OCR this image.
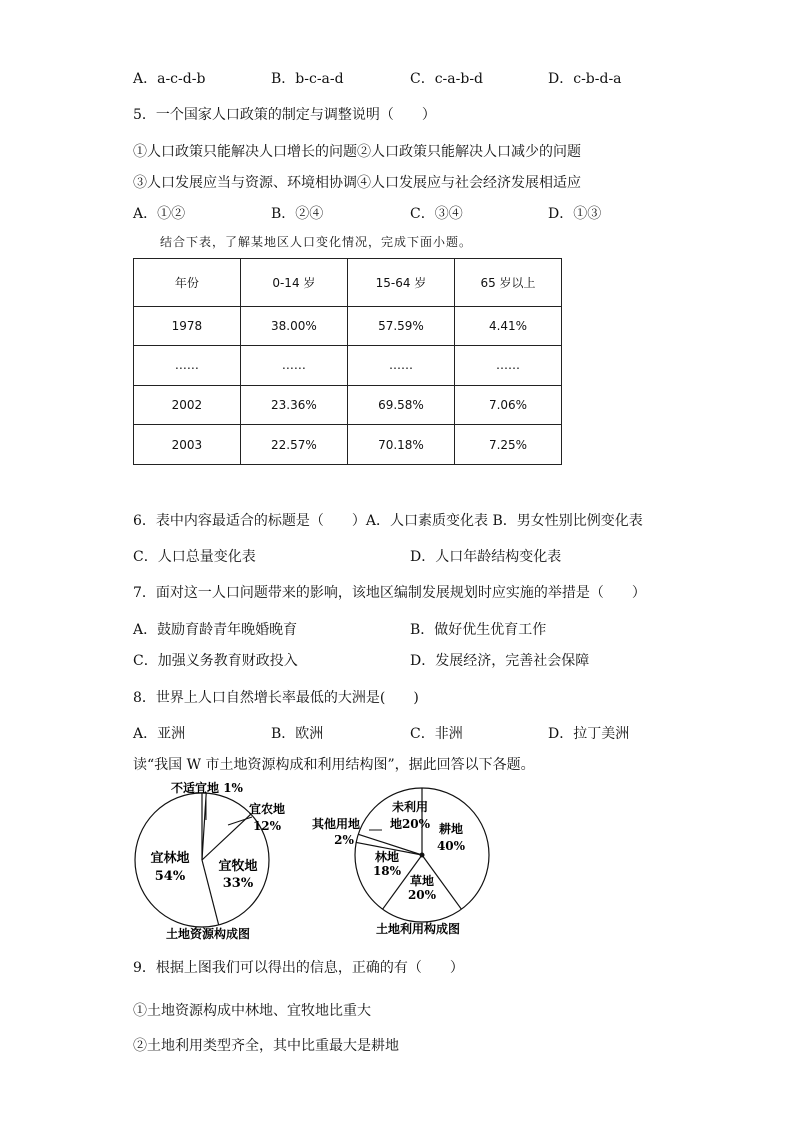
A．a-c-d-b	B．b-c-a-d	C．c-a-b-d	D．c-b-d-a
5．一个国家人口政策的制定与调整说明（　　）
①人口政策只能解决人口增长的问题②人口政策只能解决人口减少的问题
③人口发展应当与资源、环境相协调④人口发展应与社会经济发展相适应
A．①②	B．②④	C．③④	D．①③
结合下表，了解某地区人口变化情况，完成下面小题。
年份	0-14 岁	15-64 岁	65 岁以上
1978	38.00%	57.59%	4.41%
……	……	……	……
2002	23.36%	69.58%	7.06%
2003	22.57%	70.18%	7.25%
6．表中内容最适合的标题是（　　）A．人口素质变化表 B．男女性别比例变化表
C．人口总量变化表	D．人口年龄结构变化表
7．面对这一人口问题带来的影响，该地区编制发展规划时应实施的举措是（　　）
A．鼓励育龄青年晚婚晚育	B．做好优生优育工作
C．加强义务教育财政投入	D．发展经济，完善社会保障
8．世界上人口自然增长率最低的大洲是(　　)
A．亚洲	B．欧洲	C．非洲	D．拉丁美洲
读“我国 W 市土地资源构成和利用结构图”，据此回答以下各题。
不适宜地 1%
宜农地
12%
宜牧地
33%
宜林地
54%
土地资源构成图
耕地
40%
草地
20%
林地
18%
其他用地
2%
未利用
地20%
土地利用构成图
9．根据上图我们可以得出的信息，正确的有（　　）
①土地资源构成中林地、宜牧地比重大
②土地利用类型齐全，其中比重最大是耕地
